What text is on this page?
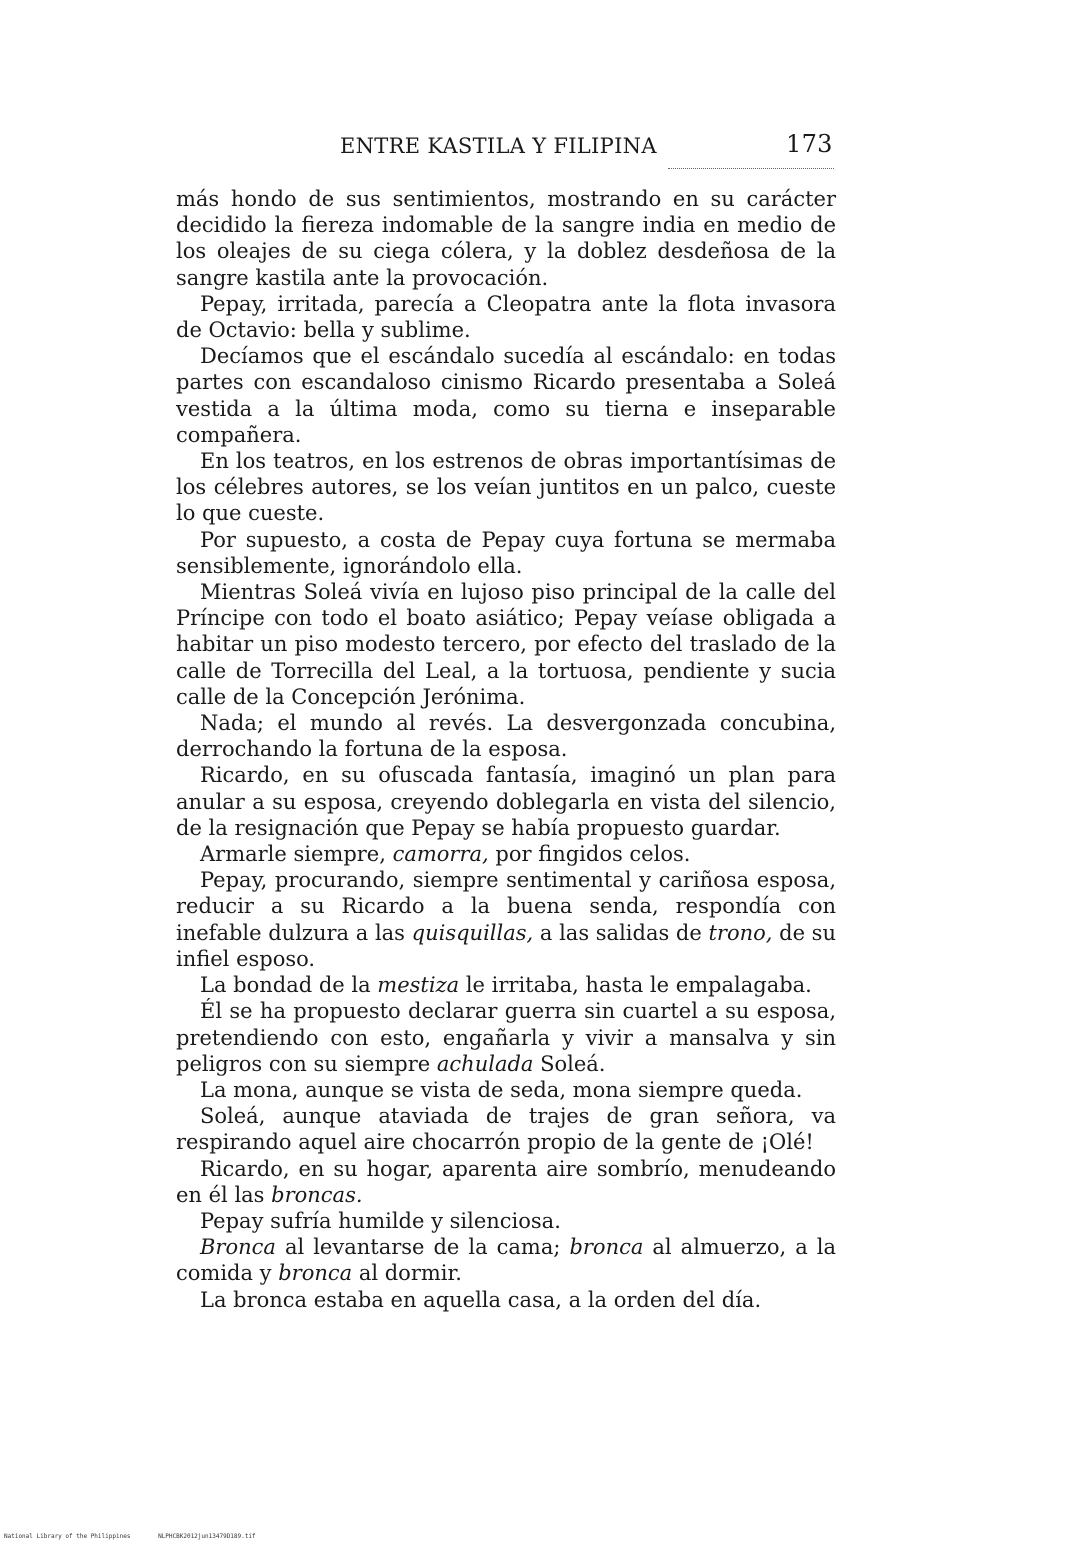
ENTRE KASTILA Y FILIPINA	173

más hondo de sus sentimientos, mostrando en su carácter decidido la fiereza indomable de la sangre india en medio de los oleajes de su ciega cólera, y la doblez desdeñosa de la sangre kastila ante la provocación.

Pepay, irritada, parecía a Cleopatra ante la flota invasora de Octavio: bella y sublime.

Decíamos que el escándalo sucedía al escándalo: en todas partes con escandaloso cinismo Ricardo presentaba a Soleá vestida a la última moda, como su tierna e inseparable compañera.

En los teatros, en los estrenos de obras importantísimas de los célebres autores, se los veían juntitos en un palco, cueste lo que cueste.

Por supuesto, a costa de Pepay cuya fortuna se mermaba sensiblemente, ignorándolo ella.

Mientras Soleá vivía en lujoso piso principal de la calle del Príncipe con todo el boato asiático; Pepay veíase obligada a habitar un piso modesto tercero, por efecto del traslado de la calle de Torrecilla del Leal, a la tortuosa, pendiente y sucia calle de la Concepción Jerónima.

Nada; el mundo al revés. La desvergonzada concubina, derrochando la fortuna de la esposa.

Ricardo, en su ofuscada fantasía, imaginó un plan para anular a su esposa, creyendo doblegarla en vista del silencio, de la resignación que Pepay se había propuesto guardar.

Armarle siempre, camorra, por fingidos celos.

Pepay, procurando, siempre sentimental y cariñosa esposa, reducir a su Ricardo a la buena senda, respondía con inefable dulzura a las quisquillas, a las salidas de trono, de su infiel esposo.

La bondad de la mestiza le irritaba, hasta le empalagaba.

Él se ha propuesto declarar guerra sin cuartel a su esposa, pretendiendo con esto, engañarla y vivir a mansalva y sin peligros con su siempre achulada Soleá.

La mona, aunque se vista de seda, mona siempre queda.

Soleá, aunque ataviada de trajes de gran señora, va respirando aquel aire chocarrón propio de la gente de ¡Olé!

Ricardo, en su hogar, aparenta aire sombrío, menudeando en él las broncas.

Pepay sufría humilde y silenciosa.

Bronca al levantarse de la cama; bronca al almuerzo, a la comida y bronca al dormir.

La bronca estaba en aquella casa, a la orden del día.

National Library of the Philippines	NLPHCBK2012jun13479D189.tif
